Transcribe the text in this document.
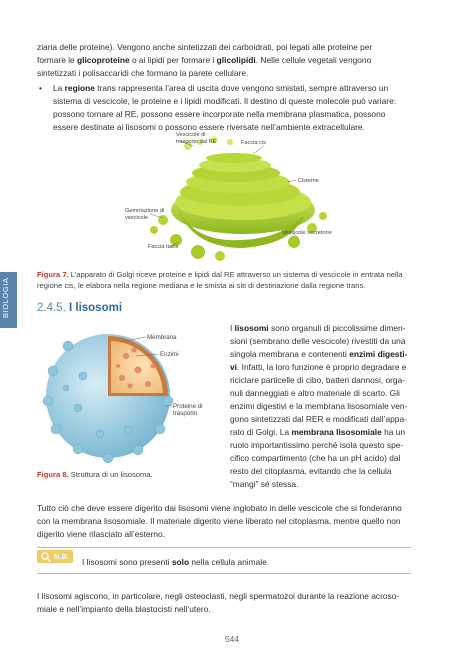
ziaria delle proteine). Vengono anche sintetizzati dei carboidrati, poi legati alle proteine per
formare le glicoproteine o ai lipidi per formare i glicolipidi. Nelle cellule vegetali vengono
sintetizzati i polisaccaridi che formano la parete cellulare.
• La regione trans rappresenta l’area di uscita dove vengono smistati, sempre attraverso un
sistema di vescicole, le proteine e i lipidi modificati. Il destino di queste molecole può variare:
possono tornare al RE, possono essere incorporate nella membrana plasmatica, possono
essere destinate ai lisosomi o possono essere riversate nell’ambiente extracellulare.
Vescicole di trasporto dal RE	Faccia cis
Cisterne
Gemmazione di vescicole
Vescicole secretorie
Faccia trans
Figura 7. L’apparato di Golgi riceve proteine e lipidi dal RE attraverso un sistema di vescicole in entrata nella
regione cis, le elabora nella regione mediana e le smista ai siti di destinazione dalla regione trans.
BIOLOGIA 2.4.5. I lisosomi
Membrana
Enzimi
Proteine di trasporto
I lisosomi sono organuli di piccolissime dimen-
sioni (sembrano delle vescicole) rivestiti da una
singola membrana e contenenti enzimi digesti-
vi. Infatti, la loro funzione è proprio degradare e
riciclare particelle di cibo, batteri dannosi, orga-
nuli danneggiati e altro materiale di scarto. Gli
enzimi digestivi e la membrana lisosomiale ven-
gono sintetizzati dal RER e modificati dall’appa-
rato di Golgi. La membrana lisosomiale ha un
ruolo importantissimo perché isola questo spe-
cifico compartimento (che ha un pH acido) dal
resto del citoplasma, evitando che la cellula
“mangi” sé stessa.
Figura 8. Struttura di un lisosoma.
Tutto ciò che deve essere digerito dai lisosomi viene inglobato in delle vescicole che si fonderanno
con la membrana lisosomiale. Il materiale digerito viene liberato nel citoplasma, mentre quello non
digerito viene rilasciato all’esterno.
N.B.
I lisosomi sono presenti solo nella cellula animale.
I lisosomi agiscono, in particolare, negli osteoclasti, negli spermatozoi durante la reazione acroso-
miale e nell’impianto della blastocisti nell’utero.
544
